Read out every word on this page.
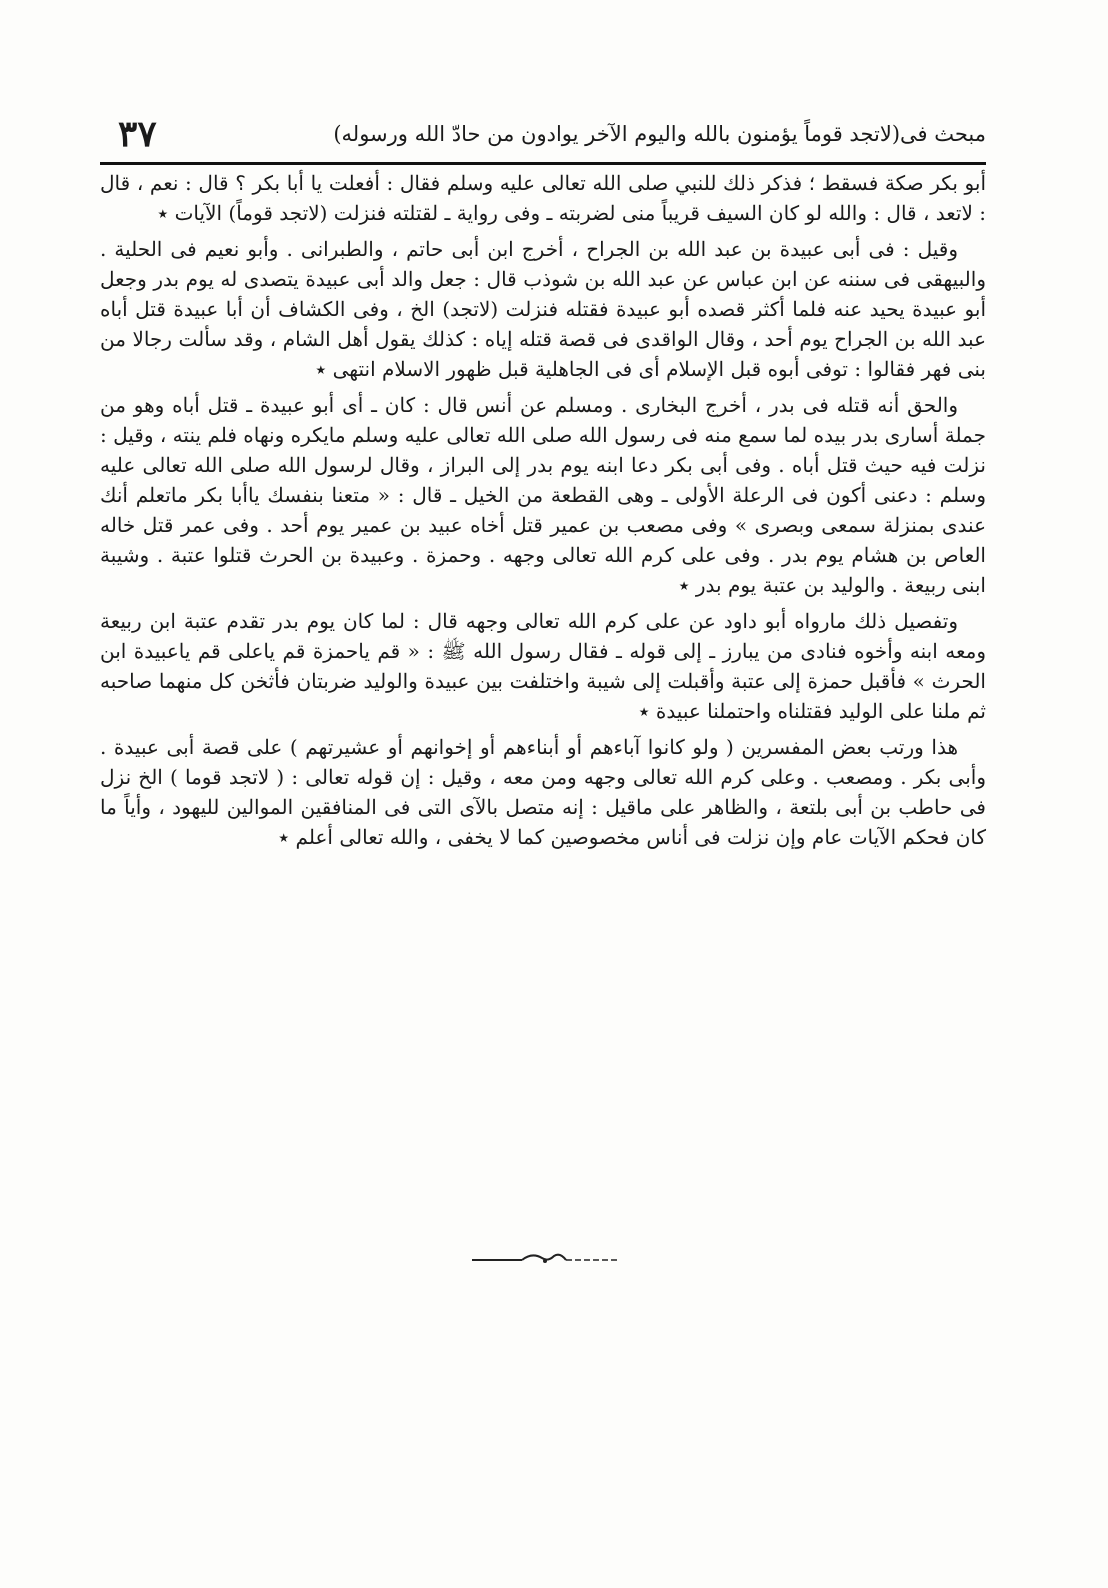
٣٧	مبحث فى(لاتجد قوماً يؤمنون بالله واليوم الآخر يوادون من حادّ الله ورسوله)

أبو بكر صكة فسقط ؛ فذكر ذلك للنبي صلى الله تعالى عليه وسلم فقال : أفعلت يا أبا بكر ؟ قال : نعم ، قال : لاتعد ، قال : والله لو كان السيف قريباً منى لضربته ـ وفى رواية ـ لقتلته فنزلت (لاتجد قوماً) الآيات ٭

وقيل : فى أبى عبيدة بن عبد الله بن الجراح ، أخرج ابن أبى حاتم ، والطبرانى . وأبو نعيم فى الحلية . والبيهقى فى سننه عن ابن عباس عن عبد الله بن شوذب قال : جعل والد أبى عبيدة يتصدى له يوم بدر وجعل أبو عبيدة يحيد عنه فلما أكثر قصده أبو عبيدة فقتله فنزلت (لاتجد) الخ ، وفى الكشاف أن أبا عبيدة قتل أباه عبد الله بن الجراح يوم أحد ، وقال الواقدى فى قصة قتله إياه : كذلك يقول أهل الشام ، وقد سألت رجالا من بنى فهر فقالوا : توفى أبوه قبل الإسلام أى فى الجاهلية قبل ظهور الاسلام انتهى ٭

والحق أنه قتله فى بدر ، أخرج البخارى . ومسلم عن أنس قال : كان ـ أى أبو عبيدة ـ قتل أباه وهو من جملة أسارى بدر بيده لما سمع منه فى رسول الله صلى الله تعالى عليه وسلم مايكره ونهاه فلم ينته ، وقيل : نزلت فيه حيث قتل أباه . وفى أبى بكر دعا ابنه يوم بدر إلى البراز ، وقال لرسول الله صلى الله تعالى عليه وسلم : دعنى أكون فى الرعلة الأولى ـ وهى القطعة من الخيل ـ قال : « متعنا بنفسك ياأبا بكر ماتعلم أنك عندى بمنزلة سمعى وبصرى » وفى مصعب بن عمير قتل أخاه عبيد بن عمير يوم أحد . وفى عمر قتل خاله العاص بن هشام يوم بدر . وفى على كرم الله تعالى وجهه . وحمزة . وعبيدة بن الحرث قتلوا عتبة . وشيبة ابنى ربيعة . والوليد بن عتبة يوم بدر ٭

وتفصيل ذلك مارواه أبو داود عن على كرم الله تعالى وجهه قال : لما كان يوم بدر تقدم عتبة ابن ربيعة ومعه ابنه وأخوه فنادى من يبارز ـ إلى قوله ـ فقال رسول الله ﷺ : « قم ياحمزة قم ياعلى قم ياعبيدة ابن الحرث » فأقبل حمزة إلى عتبة وأقبلت إلى شيبة واختلفت بين عبيدة والوليد ضربتان فأثخن كل منهما صاحبه ثم ملنا على الوليد فقتلناه واحتملنا عبيدة ٭

هذا ورتب بعض المفسرين ( ولو كانوا آباءهم أو أبناءهم أو إخوانهم أو عشيرتهم ) على قصة أبى عبيدة . وأبى بكر . ومصعب . وعلى كرم الله تعالى وجهه ومن معه ، وقيل : إن قوله تعالى : ( لاتجد قوما ) الخ نزل فى حاطب بن أبى بلتعة ، والظاهر على ماقيل : إنه متصل بالآى التى فى المنافقين الموالين لليهود ، وأياً ما كان فحكم الآيات عام وإن نزلت فى أناس مخصوصين كما لا يخفى ، والله تعالى أعلم ٭
